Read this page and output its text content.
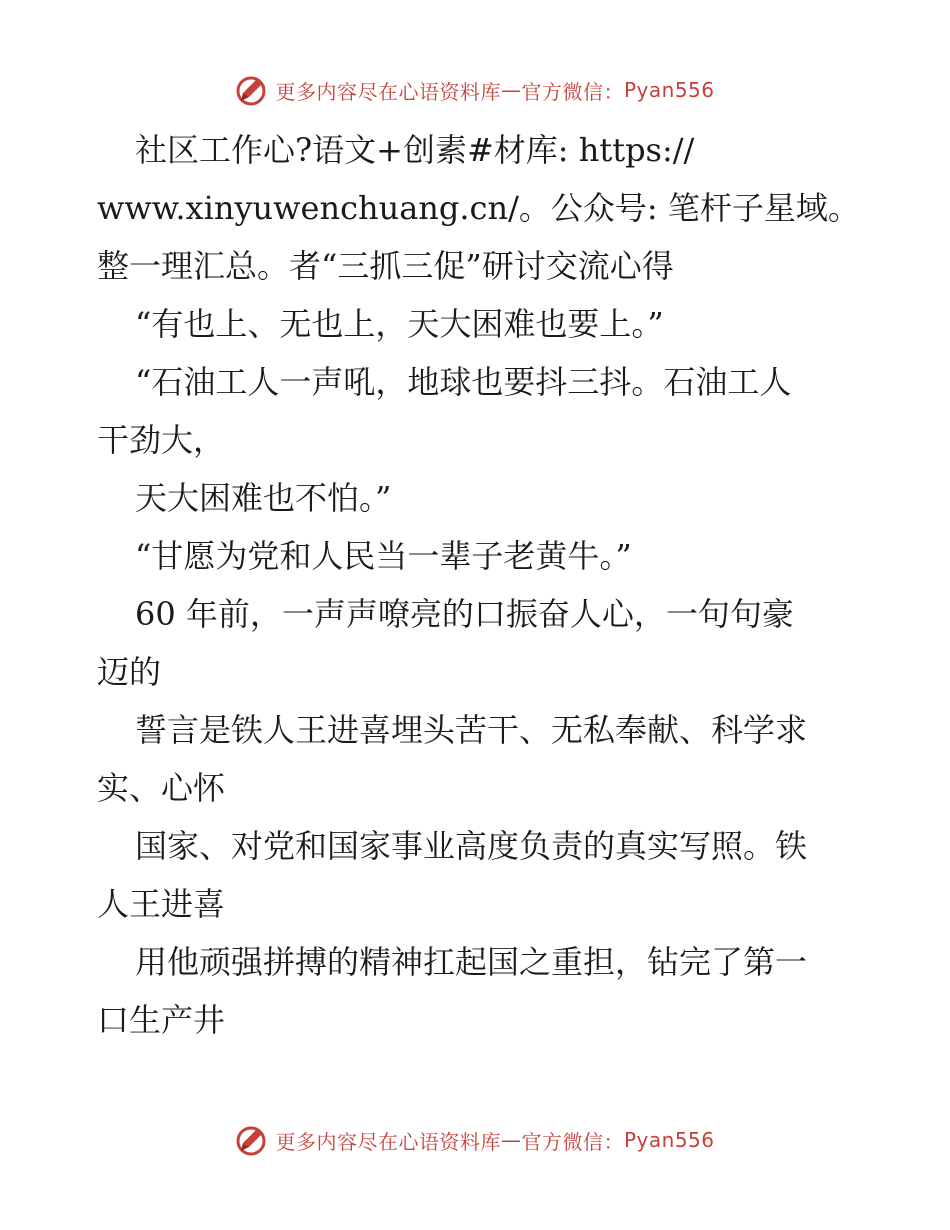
更多内容尽在心语资料库 — 官方微信： Pyan556
社区工作心?语文+创素#材库: https://
www.xinyuwenchuang.cn/。公众号: 笔杆子星域。
整一理汇总。者“三抓三促”研讨交流心得
“有也上、无也上，天大困难也要上。”
“石油工人一声吼，地球也要抖三抖。石油工人
干劲大，
天大困难也不怕。”
“甘愿为党和人民当一辈子老黄牛。”
60 年前，一声声嘹亮的口振奋人心，一句句豪
迈的
誓言是铁人王进喜埋头苦干、无私奉献、科学求
实、心怀
国家、对党和国家事业高度负责的真实写照。铁
人王进喜
用他顽强拼搏的精神扛起国之重担，钻完了第一
口生产井
更多内容尽在心语资料库 — 官方微信： Pyan556
